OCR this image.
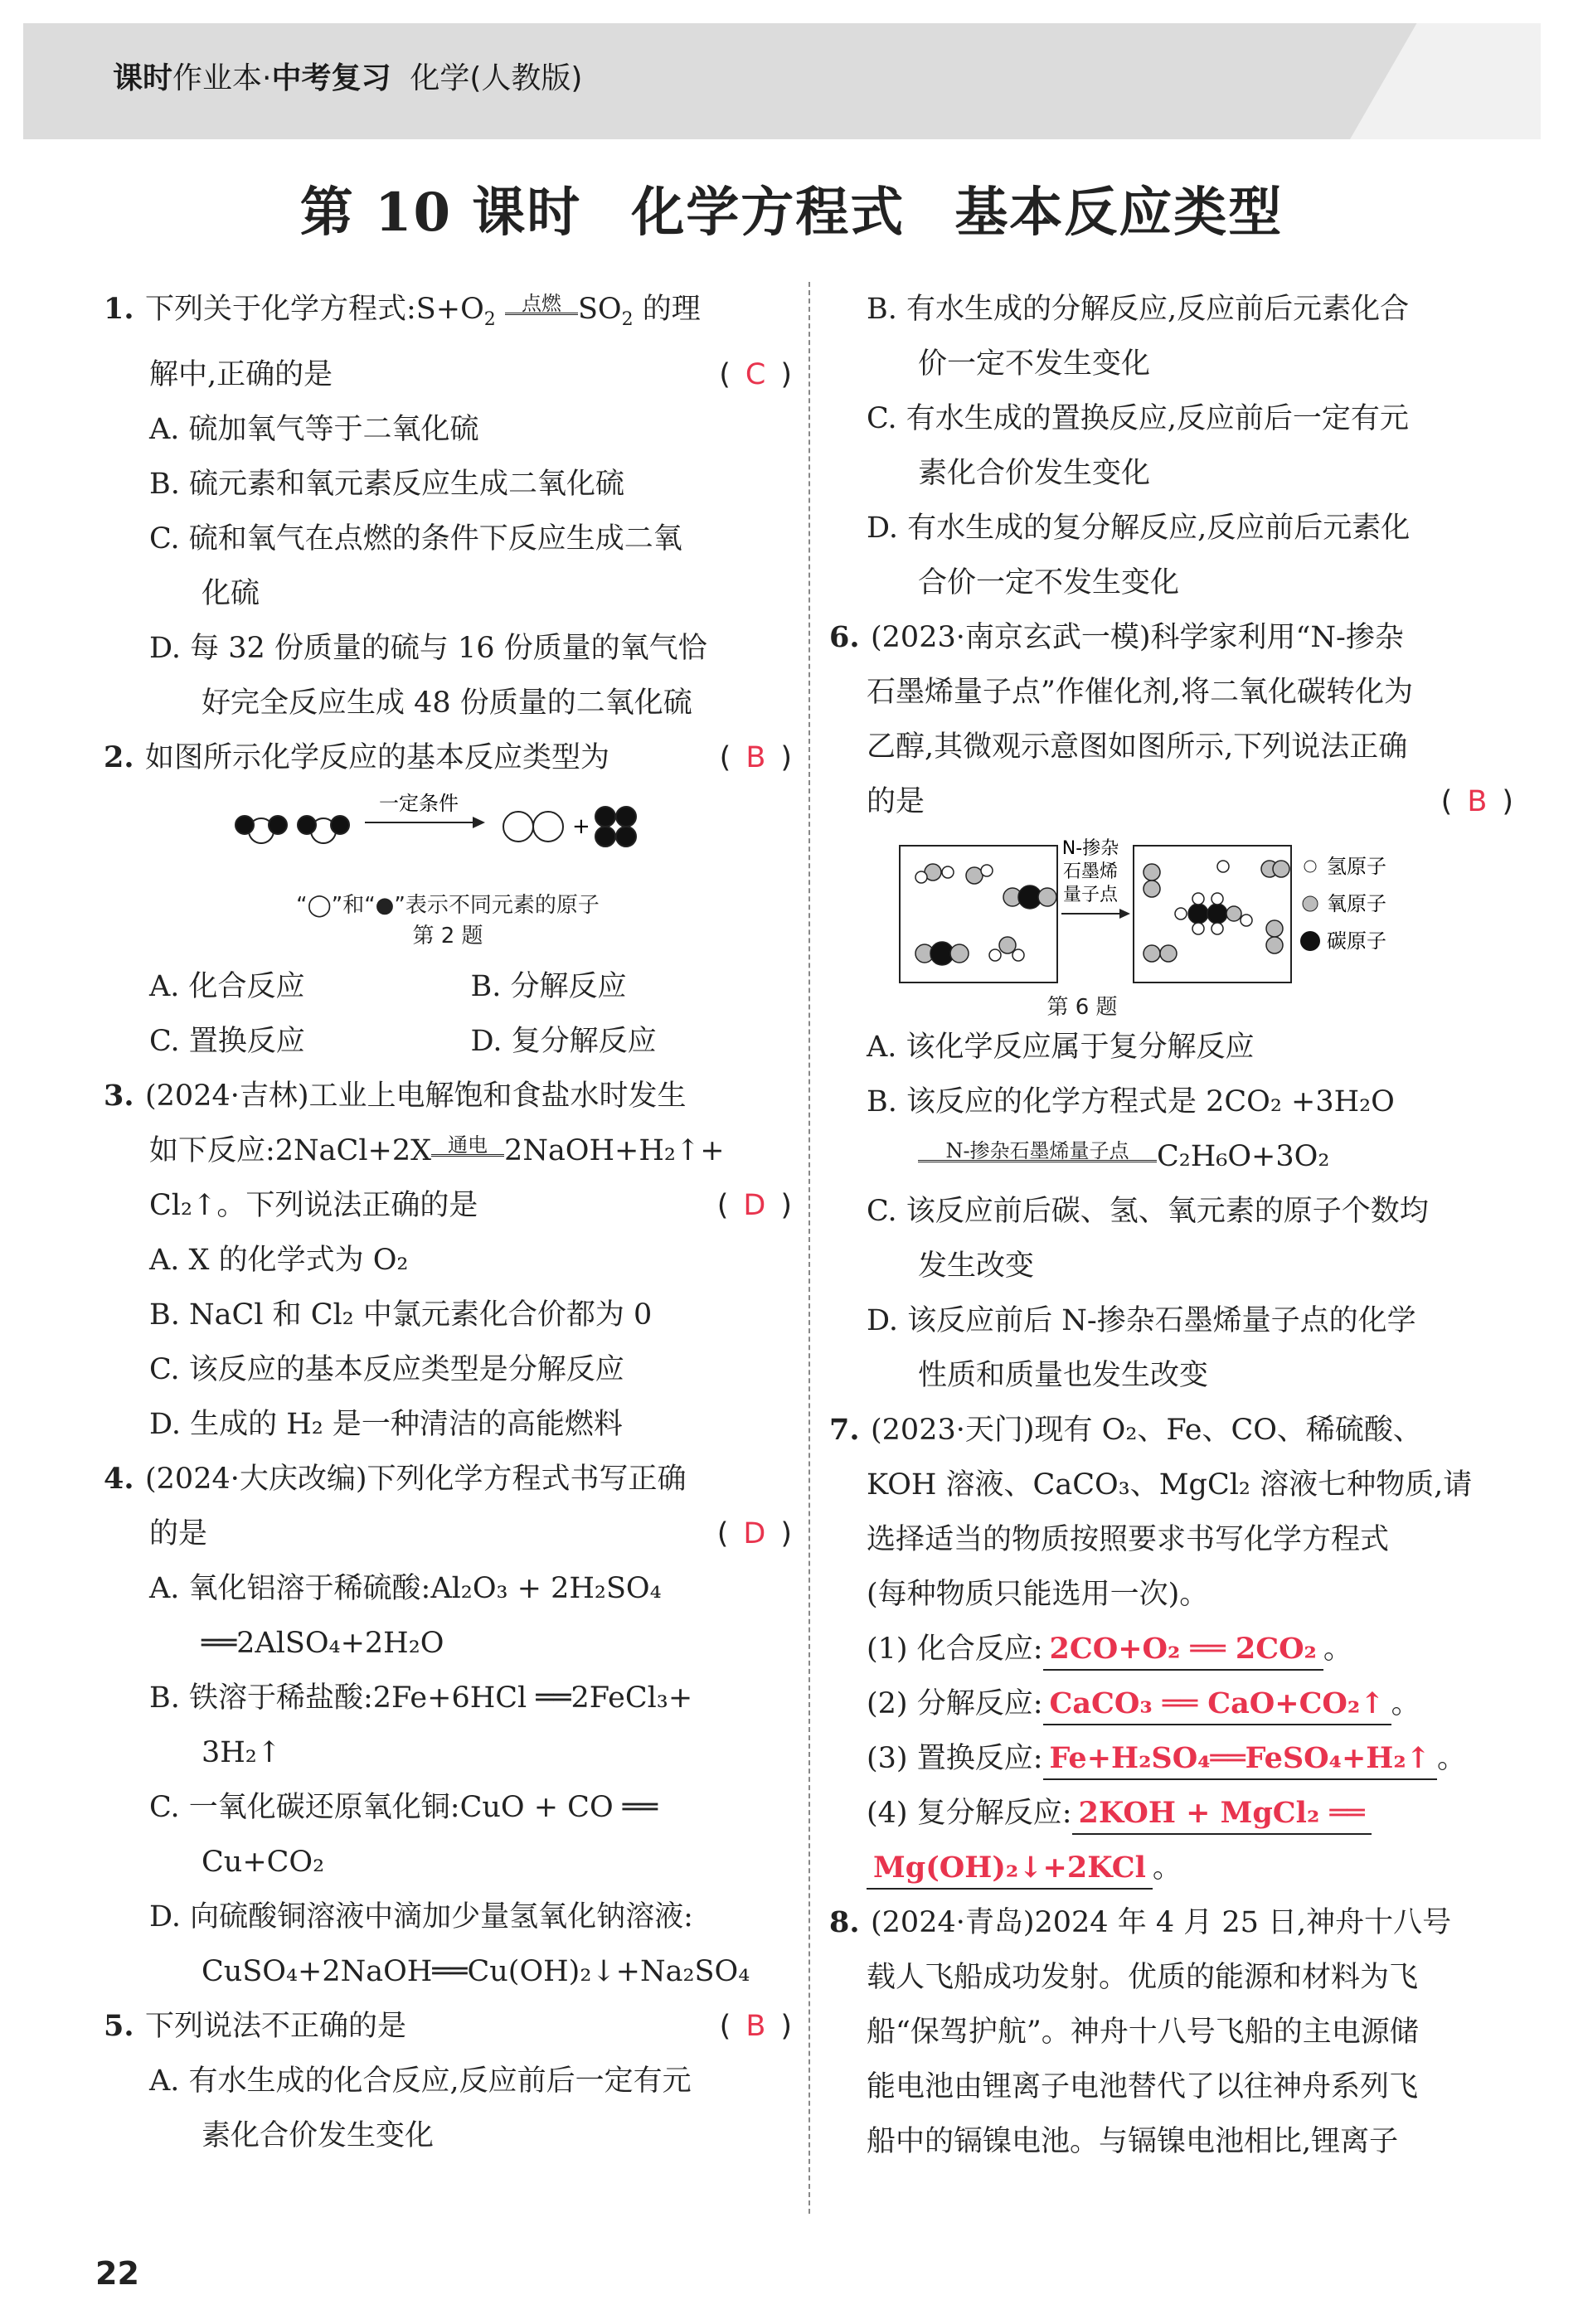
课时作业本·中考复习 化学(人教版)
第 10 课时 化学方程式 基本反应类型
1. 下列关于化学方程式$:S+O_2$ 点燃 $SO_2$ 的理
解中,正确的是	( C )
A. 硫加氧气等于二氧化硫
B. 硫元素和氧元素反应生成二氧化硫
C. 硫和氧气在点燃的条件下反应生成二氧
化硫
D. 每 32 份质量的硫与 16 份质量的氧气恰
好完全反应生成 48 份质量的二氧化硫
2. 如图所示化学反应的基本反应类型为	( B )
一定条件
+
“◯”和“●”表示不同元素的原子
第 2 题
A. 化合反应	B. 分解反应
C. 置换反应	D. 复分解反应
3. (2024·吉林)工业上电解饱和食盐水时发生
如下反应:2NaCl+2X 通电 2NaOH+H₂↑+
Cl₂↑。下列说法正确的是	( D )
A. X 的化学式为 O₂
B. NaCl 和 Cl₂ 中氯元素化合价都为 0
C. 该反应的基本反应类型是分解反应
D. 生成的 H₂ 是一种清洁的高能燃料
4. (2024·大庆改编)下列化学方程式书写正确
的是	( D )
A. 氧化铝溶于稀硫酸:Al₂O₃ + 2H₂SO₄
══2AlSO₄+2H₂O
B. 铁溶于稀盐酸:2Fe+6HCl ══2FeCl₃+
3H₂↑
C. 一氧化碳还原氧化铜:CuO + CO ══
Cu+CO₂
D. 向硫酸铜溶液中滴加少量氢氧化钠溶液:
CuSO₄+2NaOH══Cu(OH)₂↓+Na₂SO₄
5. 下列说法不正确的是	( B )
A. 有水生成的化合反应,反应前后一定有元
素化合价发生变化
B. 有水生成的分解反应,反应前后元素化合
价一定不发生变化
C. 有水生成的置换反应,反应前后一定有元
素化合价发生变化
D. 有水生成的复分解反应,反应前后元素化
合价一定不发生变化
6. (2023·南京玄武一模)科学家利用“N-掺杂
石墨烯量子点”作催化剂,将二氧化碳转化为
乙醇,其微观示意图如图所示,下列说法正确
的是	( B )
N-掺杂
石墨烯
量子点
氢原子
氧原子
碳原子
第 6 题
A. 该化学反应属于复分解反应
B. 该反应的化学方程式是 2CO₂ +3H₂O
N-掺杂石墨烯量子点 C₂H₆O+3O₂
C. 该反应前后碳、氢、氧元素的原子个数均
发生改变
D. 该反应前后 N-掺杂石墨烯量子点的化学
性质和质量也发生改变
7. (2023·天门)现有 O₂、Fe、CO、稀硫酸、
KOH 溶液、CaCO₃、MgCl₂ 溶液七种物质,请
选择适当的物质按照要求书写化学方程式
(每种物质只能选用一次)。
(1) 化合反应: 2CO+O₂ ══ 2CO₂ 。
(2) 分解反应: CaCO₃ ══ CaO+CO₂↑ 。
(3) 置换反应: Fe+H₂SO₄══FeSO₄+H₂↑ 。
(4) 复分解反应: 2KOH + MgCl₂ ══
Mg(OH)₂↓+2KCl 。
8. (2024·青岛)2024 年 4 月 25 日,神舟十八号
载人飞船成功发射。优质的能源和材料为飞
船“保驾护航”。神舟十八号飞船的主电源储
能电池由锂离子电池替代了以往神舟系列飞
船中的镉镍电池。与镉镍电池相比,锂离子
22
